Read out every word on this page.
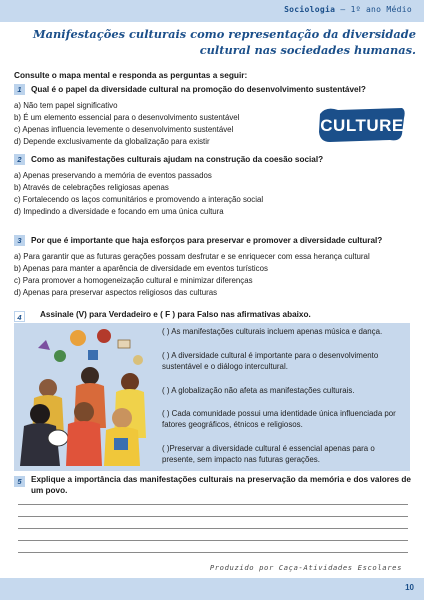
Sociologia – 1º ano Médio
Manifestações culturais como representação da diversidade cultural nas sociedades humanas.
Consulte o mapa mental e responda as perguntas a seguir:
1	Qual é o papel da diversidade cultural na promoção do desenvolvimento sustentável?
a) Não tem papel significativo
b) É um elemento essencial para o desenvolvimento sustentável
c) Apenas influencia levemente o desenvolvimento sustentável
d) Depende exclusivamente da globalização para existir
CULTURE
2	Como as manifestações culturais ajudam na construção da coesão social?
a) Apenas preservando a memória de eventos passados
b) Através de celebrações religiosas apenas
c) Fortalecendo os laços comunitários e promovendo a interação social
d) Impedindo a diversidade e focando em uma única cultura
3	Por que é importante que haja esforços para preservar e promover a diversidade cultural?
a) Para garantir que as futuras gerações possam desfrutar e se enriquecer com essa herança cultural
b) Apenas para manter a aparência de diversidade em eventos turísticos
c) Para promover a homogeneização cultural e minimizar diferenças
d) Apenas para preservar aspectos religiosos das culturas
4	Assinale (V) para Verdadeiro e ( F ) para Falso nas afirmativas abaixo.
( ) As manifestações culturais incluem apenas música e dança.
( ) A diversidade cultural é importante para o desenvolvimento sustentável e o diálogo intercultural.
( ) A globalização não afeta as manifestações culturais.
( ) Cada comunidade possui uma identidade única influenciada por fatores geográficos, étnicos e religiosos.
( )Preservar a diversidade cultural é essencial apenas para o presente, sem impacto nas futuras gerações.
5	Explique a importância das manifestações culturais na preservação da memória e dos valores de um povo.
Produzido por Caça-Atividades Escolares
10
